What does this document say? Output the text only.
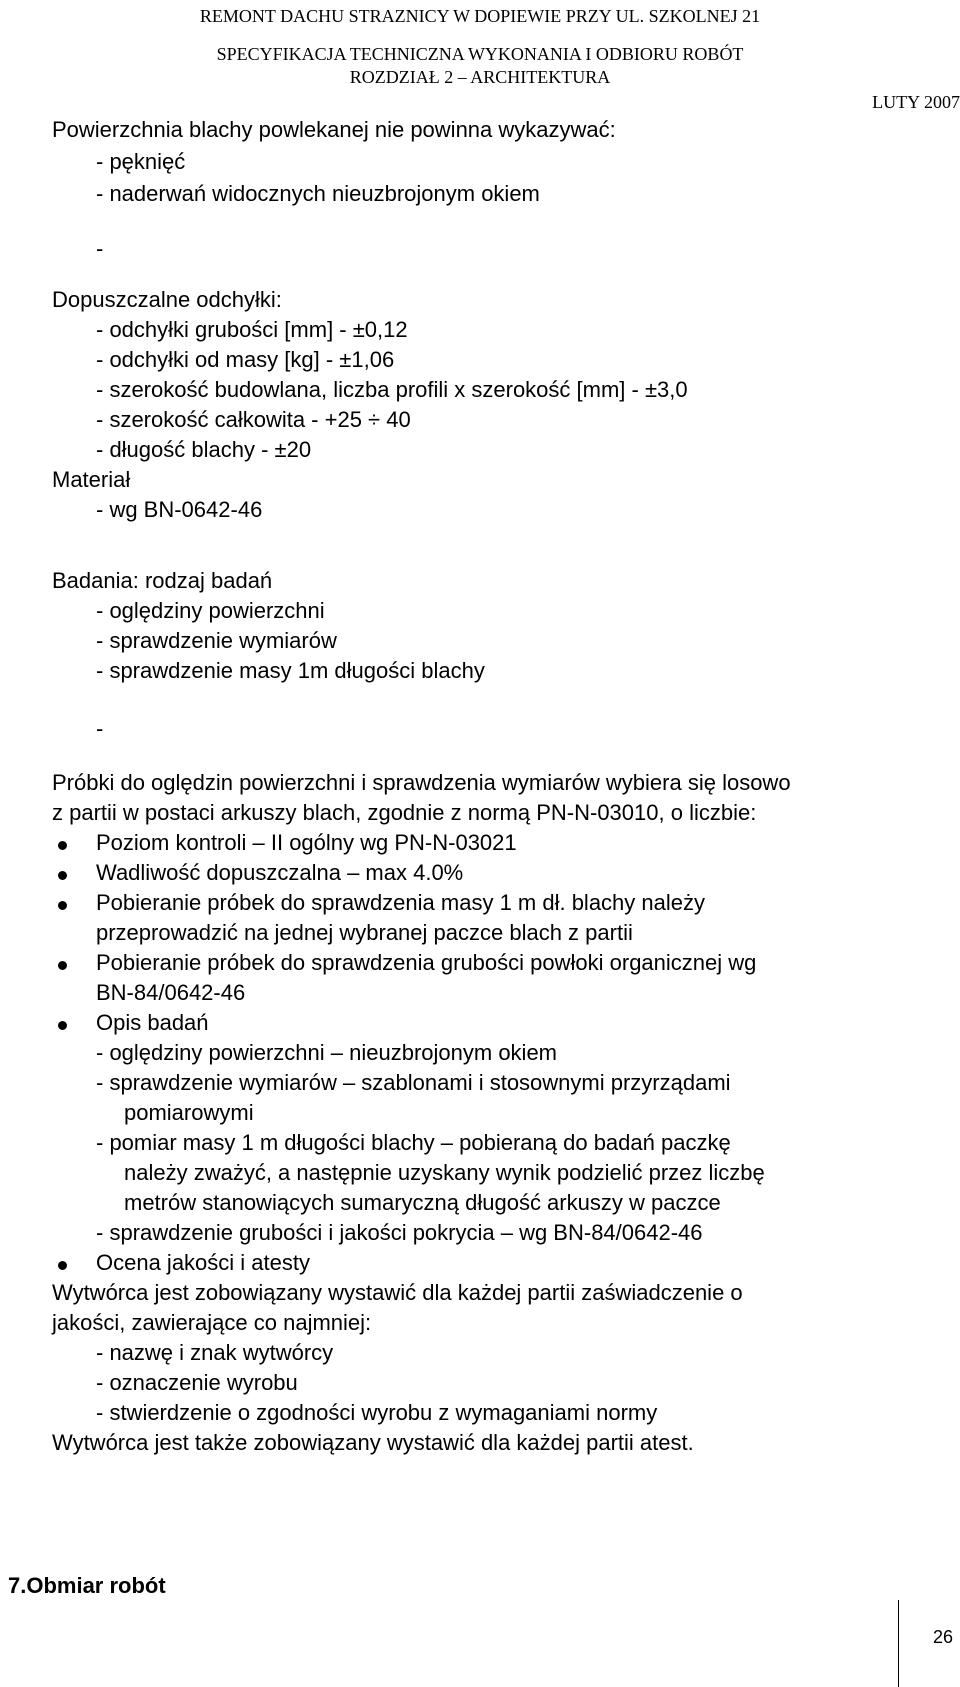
REMONT DACHU STRAZNICY W DOPIEWIE PRZY UL. SZKOLNEJ 21
SPECYFIKACJA TECHNICZNA WYKONANIA I ODBIORU ROBÓT
ROZDZIAŁ 2 – ARCHITEKTURA
LUTY 2007
Powierzchnia blachy powlekanej nie powinna wykazywać:
- pęknięć
- naderwań widocznych nieuzbrojonym okiem
-
Dopuszczalne odchyłki:
- odchyłki grubości [mm] - ±0,12
- odchyłki od masy [kg] - ±1,06
- szerokość budowlana, liczba profili x szerokość [mm] - ±3,0
- szerokość całkowita - +25 ÷ 40
- długość blachy - ±20
Materiał
- wg BN-0642-46
Badania: rodzaj badań
- oględziny powierzchni
- sprawdzenie wymiarów
- sprawdzenie masy 1m długości blachy
-
Próbki do oględzin powierzchni i sprawdzenia wymiarów wybiera się losowo
z partii w postaci arkuszy blach, zgodnie z normą PN-N-03010, o liczbie:
Poziom kontroli – II ogólny wg PN-N-03021
Wadliwość dopuszczalna – max 4.0%
Pobieranie próbek do sprawdzenia masy 1 m dł. blachy należy
przeprowadzić na jednej wybranej paczce blach z partii
Pobieranie próbek do sprawdzenia grubości powłoki organicznej wg
BN-84/0642-46
Opis badań
- oględziny powierzchni – nieuzbrojonym okiem
- sprawdzenie wymiarów – szablonami i stosownymi przyrządami
pomiarowymi
- pomiar masy 1 m długości blachy – pobieraną do badań paczkę
należy zważyć, a następnie uzyskany wynik podzielić przez liczbę
metrów stanowiących sumaryczną długość arkuszy w paczce
- sprawdzenie grubości i jakości pokrycia – wg BN-84/0642-46
Ocena jakości i atesty
Wytwórca jest zobowiązany wystawić dla każdej partii zaświadczenie o
jakości, zawierające co najmniej:
- nazwę i znak wytwórcy
- oznaczenie wyrobu
- stwierdzenie o zgodności wyrobu z wymaganiami normy
Wytwórca jest także zobowiązany wystawić dla każdej partii atest.
7.Obmiar robót
26
